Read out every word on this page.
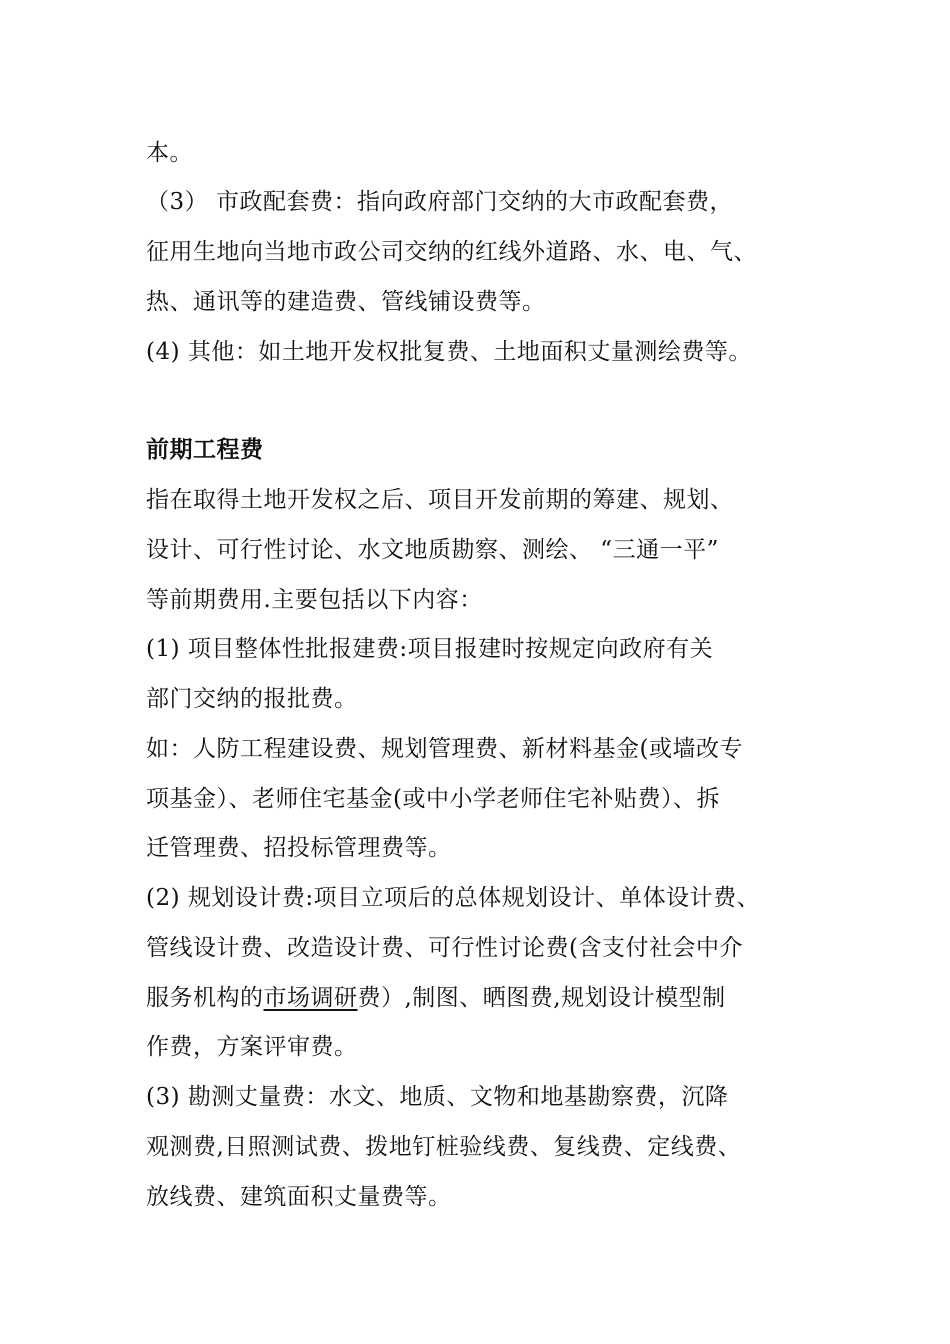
本。
（3） 市政配套费：指向政府部门交纳的大市政配套费，
征用生地向当地市政公司交纳的红线外道路、水、电、气、
热、通讯等的建造费、管线铺设费等。
(4) 其他：如土地开发权批复费、土地面积丈量测绘费等。
前期工程费
指在取得土地开发权之后、项目开发前期的筹建、规划、
设计、可行性讨论、水文地质勘察、测绘、 “三通一平”
等前期费用.主要包括以下内容：
(1) 项目整体性批报建费:项目报建时按规定向政府有关
部门交纳的报批费。
如：人防工程建设费、规划管理费、新材料基金(或墙改专
项基金）、老师住宅基金(或中小学老师住宅补贴费）、拆
迁管理费、招投标管理费等。
(2) 规划设计费:项目立项后的总体规划设计、单体设计费、
管线设计费、改造设计费、可行性讨论费(含支付社会中介
服务机构的市场调研费）,制图、晒图费,规划设计模型制
作费，方案评审费。
(3) 勘测丈量费：水文、地质、文物和地基勘察费，沉降
观测费,日照测试费、拨地钉桩验线费、复线费、定线费、
放线费、建筑面积丈量费等。
